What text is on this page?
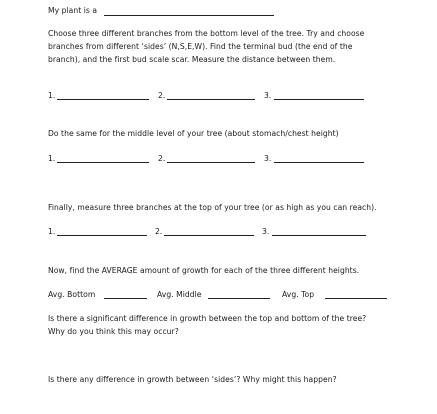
My plant is a
Choose three different branches from the bottom level of the tree. Try and choose
branches from different ‘sides’ (N,S,E,W). Find the terminal bud (the end of the
branch), and the first bud scale scar. Measure the distance between them.
1.	2.	3.
Do the same for the middle level of your tree (about stomach/chest height)
1.	2.	3.
Finally, measure three branches at the top of your tree (or as high as you can reach).
1.	2.	3.
Now, find the AVERAGE amount of growth for each of the three different heights.
Avg. Bottom	Avg. Middle	Avg. Top
Is there a significant difference in growth between the top and bottom of the tree?
Why do you think this may occur?
Is there any difference in growth between ‘sides’? Why might this happen?
